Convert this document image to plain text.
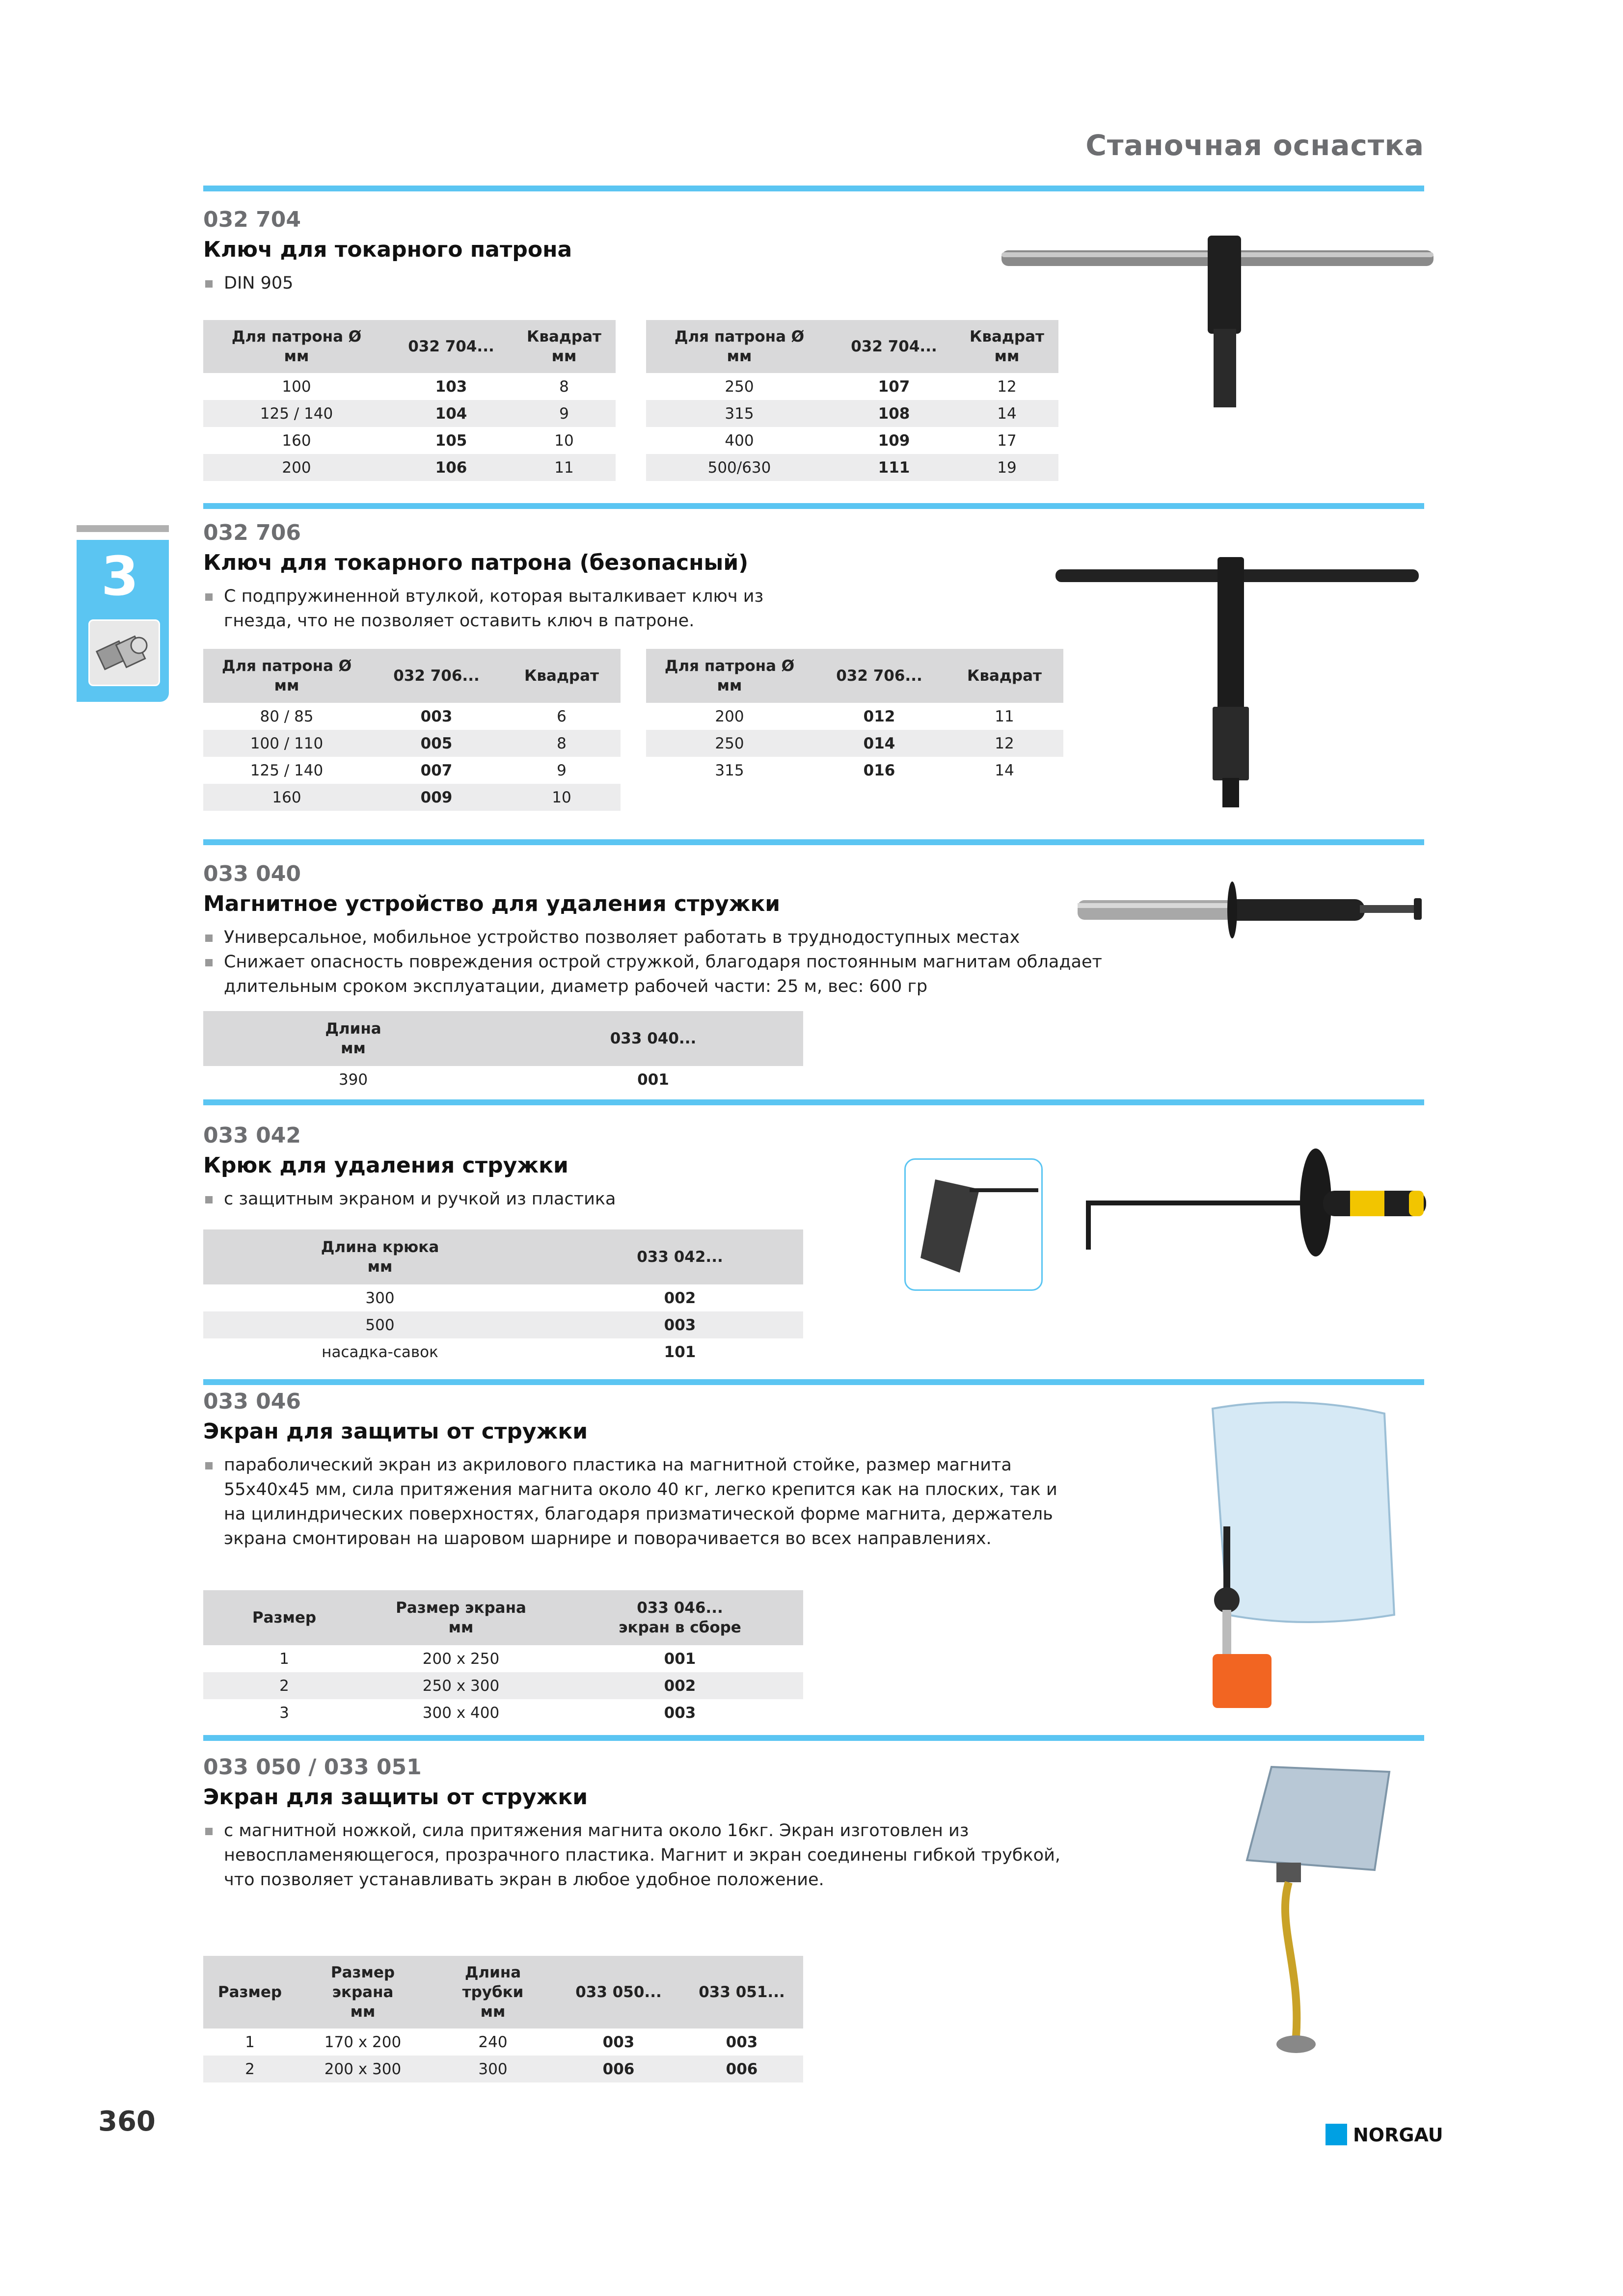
Станочная оснастка
3
032 704
Ключ для токарного патрона
DIN 905
Для патрона Ø
мм	032 704...	Квадрат
мм
100	103	8
125 / 140	104	9
160	105	10
200	106	11
Для патрона Ø
мм	032 704...	Квадрат
мм
250	107	12
315	108	14
400	109	17
500/630	111	19
032 706
Ключ для токарного патрона (безопасный)
С подпружиненной втулкой, которая выталкивает ключ из
гнезда, что не позволяет оставить ключ в патроне.
Для патрона Ø
мм	032 706...	Квадрат
80 / 85	003	6
100 / 110	005	8
125 / 140	007	9
160	009	10
Для патрона Ø
мм	032 706...	Квадрат
200	012	11
250	014	12
315	016	14
033 040
Магнитное устройство для удаления стружки
Универсальное, мобильное устройство позволяет работать в труднодоступных местах
Снижает опасность повреждения острой стружкой, благодаря постоянным магнитам обладает
длительным сроком эксплуатации, диаметр рабочей части: 25 м, вес: 600 гр
Длина
мм	033 040...
390	001
033 042
Крюк для удаления стружки
с защитным экраном и ручкой из пластика
Длина крюка
мм	033 042...
300	002
500	003
насадка-савок	101
033 046
Экран для защиты от стружки
параболический экран из акрилового пластика на магнитной стойке, размер магнита
55x40x45 мм, сила притяжения магнита около 40 кг, легко крепится как на плоских, так и
на цилиндрических поверхностях, благодаря призматической форме магнита, держатель
экрана смонтирован на шаровом шарнире и поворачивается во всех направлениях.
Размер	Размер экрана
мм	033 046...
экран в сборе
1	200 x 250	001
2	250 x 300	002
3	300 x 400	003
033 050 / 033 051
Экран для защиты от стружки
с магнитной ножкой, сила притяжения магнита около 16кг. Экран изготовлен из
невоспламеняющегося, прозрачного пластика. Магнит и экран соединены гибкой трубкой,
что позволяет устанавливать экран в любое удобное положение.
Размер	Размер
экрана
мм	Длина
трубки
мм	033 050...	033 051...
1	170 x 200	240	003	003
2	200 x 300	300	006	006
360	NORGAU
